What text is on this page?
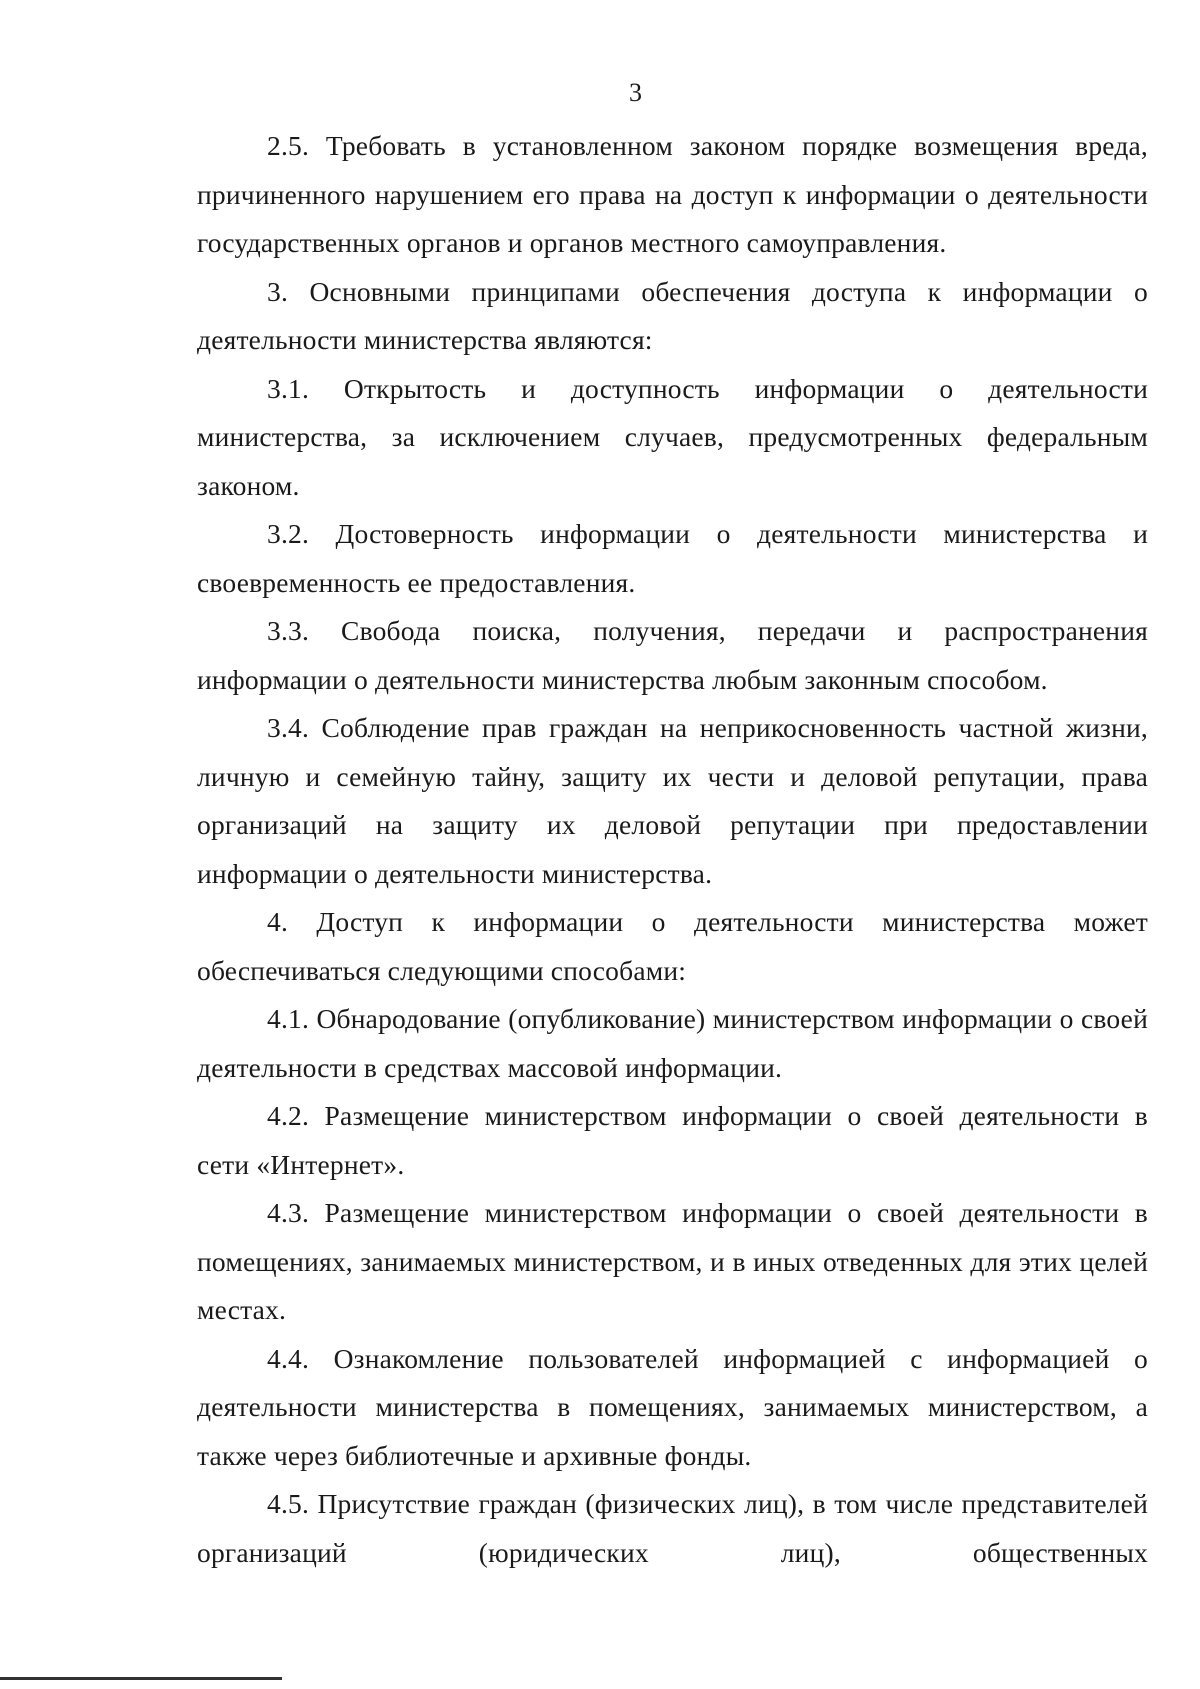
3

2.5. Требовать в установленном законом порядке возмещения вреда, причиненного нарушением его права на доступ к информации о деятельности государственных органов и органов местного самоуправления.

3. Основными принципами обеспечения доступа к информации о деятельности министерства являются:

3.1. Открытость и доступность информации о деятельности министерства, за исключением случаев, предусмотренных федеральным законом.

3.2. Достоверность информации о деятельности министерства и своевременность ее предоставления.

3.3. Свобода поиска, получения, передачи и распространения информации о деятельности министерства любым законным способом.

3.4. Соблюдение прав граждан на неприкосновенность частной жизни, личную и семейную тайну, защиту их чести и деловой репутации, права организаций на защиту их деловой репутации при предоставлении информации о деятельности министерства.

4. Доступ к информации о деятельности министерства может обеспечиваться следующими способами:

4.1. Обнародование (опубликование) министерством информации о своей деятельности в средствах массовой информации.

4.2. Размещение министерством информации о своей деятельности в сети «Интернет».

4.3. Размещение министерством информации о своей деятельности в помещениях, занимаемых министерством, и в иных отведенных для этих целей местах.

4.4. Ознакомление пользователей информацией с информацией о деятельности министерства в помещениях, занимаемых министерством, а также через библиотечные и архивные фонды.

4.5. Присутствие граждан (физических лиц), в том числе представителей организаций (юридических лиц), общественных
